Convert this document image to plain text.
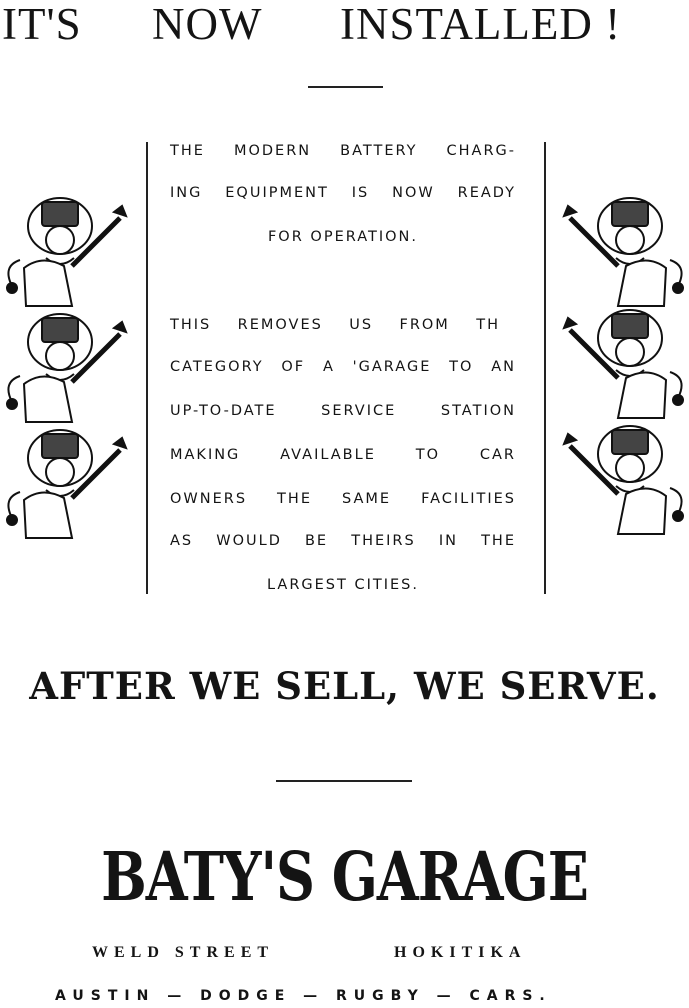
IT'S NOW INSTALLED !
THE MODERN BATTERY CHARG-
ING EQUIPMENT IS NOW READY
FOR OPERATION.
THIS REMOVES US FROM TH
CATEGORY OF A 'GARAGE TO AN
UP-TO-DATE SERVICE STATION
MAKING AVAILABLE TO CAR
OWNERS THE SAME FACILITIES
AS WOULD BE THEIRS IN THE
LARGEST CITIES.
AFTER WE SELL, WE SERVE.
BATY'S GARAGE
WELD STREET	HOKITIKA
AUSTIN — DODGE — RUGBY — CARS.
